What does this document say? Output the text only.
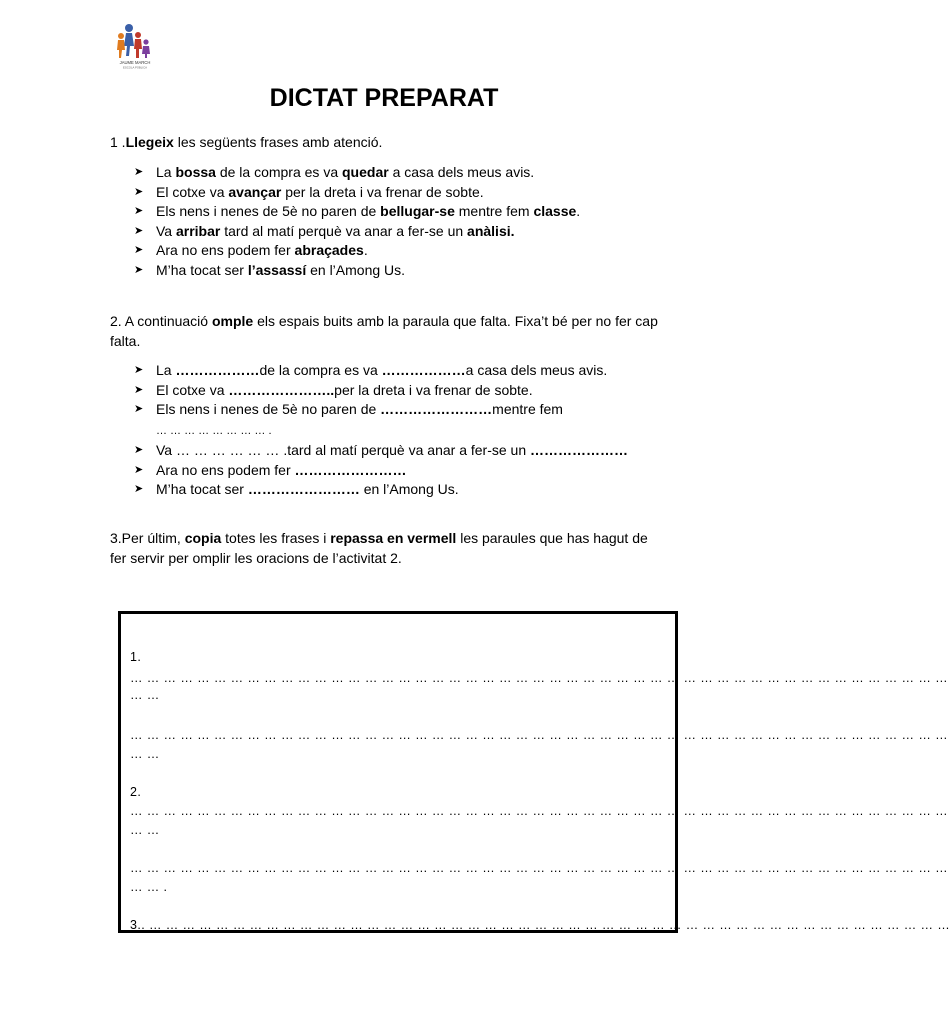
JAUME MARCH
ESCOLA PÚBLICA
DICTAT PREPARAT

1 .Llegeix les següents frases amb atenció.

➤ La bossa de la compra es va quedar a casa dels meus avis.
➤ El cotxe va avançar per la dreta i va frenar de sobte.
➤ Els nens i nenes de 5è no paren de bellugar-se mentre fem classe.
➤ Va arribar tard al matí perquè va anar a fer-se un anàlisi.
➤ Ara no ens podem fer abraçades.
➤ M’ha tocat ser l’assassí en l’Among Us.

2. A continuació omple els espais buits amb la paraula que falta. Fixa’t bé per no fer cap falta.

➤ La ………………de la compra es va ………………a casa dels meus avis.
➤ El cotxe va …………………..per la dreta i va frenar de sobte.
➤ Els nens i nenes de 5è no paren de ……………………mentre fem
… … … … … … … … .
➤ Va … … … … … … .tard al matí perquè va anar a fer-se un …………………
➤ Ara no ens podem fer ……………………
➤ M’ha tocat ser …………………… en l’Among Us.

3.Per últim, copia totes les frases i repassa en vermell les paraules que has hagut de fer servir per omplir les oracions de l’activitat 2.

1.
… … … … … … … … … … … … … … … … … … … … … … … … … … … … … … … … … … … … … … … … … … … … … … … … …
… …
… … … … … … … … … … … … … … … … … … … … … … … … … … … … … … … … … … … … … … … … … … … … … … … … …
… …
2.
… … … … … … … … … … … … … … … … … … … … … … … … … … … … … … … … … … … … … … … … … … … … … … … … …
… …
… … … … … … … … … … … … … … … … … … … … … … … … … … … … … … … … … … … … … … … … … … … … … … … … …
… … .
3.. … … … … … … … … … … … … … … … … … … … … … … … … … … … … … … … … … … … … … … … … … … … … … … … …
